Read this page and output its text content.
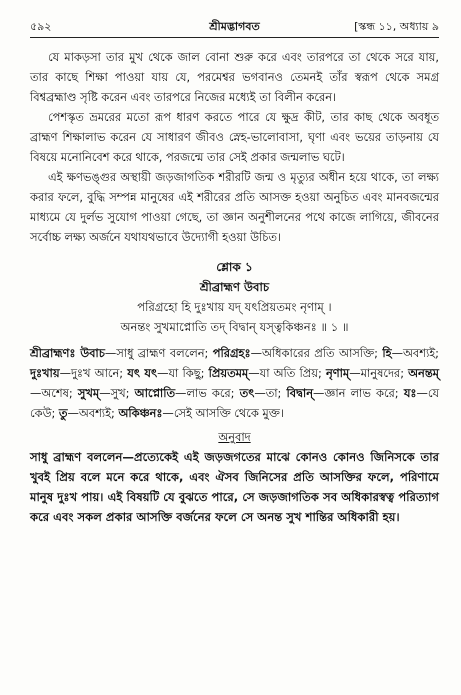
৫৯২	শ্রীমদ্ভাগবত	[স্কন্ধ ১১, অধ্যায় ৯

যে মাকড়সা তার মুখ থেকে জাল বোনা শুরু করে এবং তারপরে তা থেকে সরে যায়, তার কাছে শিক্ষা পাওয়া যায় যে, পরমেশ্বর ভগবানও তেমনই তাঁর স্বরূপ থেকে সমগ্র বিশ্বব্রহ্মাণ্ড সৃষ্টি করেন এবং তারপরে নিজের মধ্যেই তা বিলীন করেন।

পেশস্কৃত ভ্রমরের মতো রূপ ধারণ করতে পারে যে ক্ষুদ্র কীট, তার কাছ থেকে অবধূত ব্রাহ্মণ শিক্ষালাভ করেন যে সাধারণ জীবও স্নেহ-ভালোবাসা, ঘৃণা এবং ভয়ের তাড়নায় যে বিষয়ে মনোনিবেশ করে থাকে, পরজন্মে তার সেই প্রকার জন্মলাভ ঘটে।

এই ক্ষণভঙ্গুর অস্থায়ী জড়জাগতিক শরীরটি জন্ম ও মৃত্যুর অধীন হয়ে থাকে, তা লক্ষ্য করার ফলে, বুদ্ধি সম্পন্ন মানুষের এই শরীরের প্রতি আসক্ত হওয়া অনুচিত এবং মানবজন্মের মাধ্যমে যে দুর্লভ সুযোগ পাওয়া গেছে, তা জ্ঞান অনুশীলনের পথে কাজে লাগিয়ে, জীবনের সর্বোচ্চ লক্ষ্য অর্জনে যথাযথভাবে উদ্যোগী হওয়া উচিত।

শ্লোক ১
শ্রীব্রাহ্মণ উবাচ
পরিগ্রহো হি দুঃখায় যদ্ যৎপ্রিয়তমং নৃণাম্ ।
অনন্তং সুখমাপ্নোতি তদ্ বিদ্বান্ যস্ত্বকিঞ্চনঃ ॥ ১ ॥
শ্রীব্রাহ্মণঃ উবাচ—সাধু ব্রাহ্মণ বললেন; পরিগ্রহঃ—অধিকারের প্রতি আসক্তি; হি—অবশ্যই; দুঃখায়—দুঃখ আনে; যৎ যৎ—যা কিছু; প্রিয়তমম্—যা অতি প্রিয়; নৃণাম্—মানুষদের; অনন্তম্—অশেষ; সুখম্—সুখ; আপ্নোতি—লাভ করে; তৎ—তা; বিদ্বান্—জ্ঞান লাভ করে; যঃ—যে কেউ; তু—অবশ্যই; অকিঞ্চনঃ—সেই আসক্তি থেকে মুক্ত।
অনুবাদ
সাধু ব্রাহ্মণ বললেন—প্রত্যেকেই এই জড়জগতের মাঝে কোনও কোনও জিনিসকে তার খুবই প্রিয় বলে মনে করে থাকে, এবং ঐসব জিনিসের প্রতি আসক্তির ফলে, পরিণামে মানুষ দুঃখ পায়। এই বিষয়টি যে বুঝতে পারে, সে জড়জাগতিক সব অধিকারস্বত্ব পরিত্যাগ করে এবং সকল প্রকার আসক্তি বর্জনের ফলে সে অনন্ত সুখ শান্তির অধিকারী হয়।
